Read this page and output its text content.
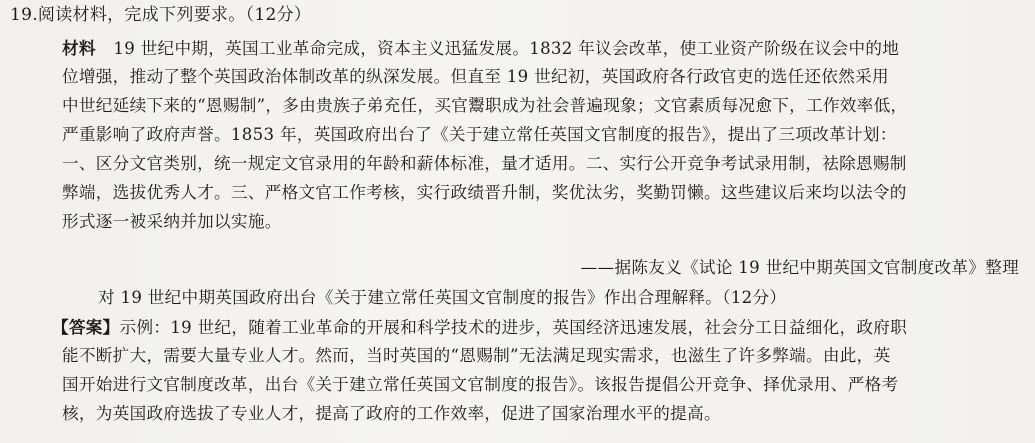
19.阅读材料，完成下列要求。（12分）
材料 19 世纪中期，英国工业革命完成，资本主义迅猛发展。1832 年议会改革，使工业资产阶级在议会中的地
位增强，推动了整个英国政治体制改革的纵深发展。但直至 19 世纪初，英国政府各行政官吏的选任还依然采用
中世纪延续下来的“恩赐制”，多由贵族子弟充任，买官鬻职成为社会普遍现象；文官素质每况愈下，工作效率低，
严重影响了政府声誉。1853 年，英国政府出台了《关于建立常任英国文官制度的报告》，提出了三项改革计划：
一、区分文官类别，统一规定文官录用的年龄和薪体标准，量才适用。二、实行公开竞争考试录用制，祛除恩赐制
弊端，选拔优秀人才。三、严格文官工作考核，实行政绩晋升制，奖优汰劣，奖勤罚懒。这些建议后来均以法令的
形式逐一被采纳并加以实施。
——据陈友义《试论 19 世纪中期英国文官制度改革》整理
对 19 世纪中期英国政府出台《关于建立常任英国文官制度的报告》作出合理解释。（12分）
【答案】示例：19 世纪，随着工业革命的开展和科学技术的进步，英国经济迅速发展，社会分工日益细化，政府职
能不断扩大，需要大量专业人才。然而，当时英国的“恩赐制”无法满足现实需求，也滋生了许多弊端。由此，英
国开始进行文官制度改革，出台《关于建立常任英国文官制度的报告》。该报告提倡公开竞争、择优录用、严格考
核，为英国政府选拔了专业人才，提高了政府的工作效率，促进了国家治理水平的提高。
